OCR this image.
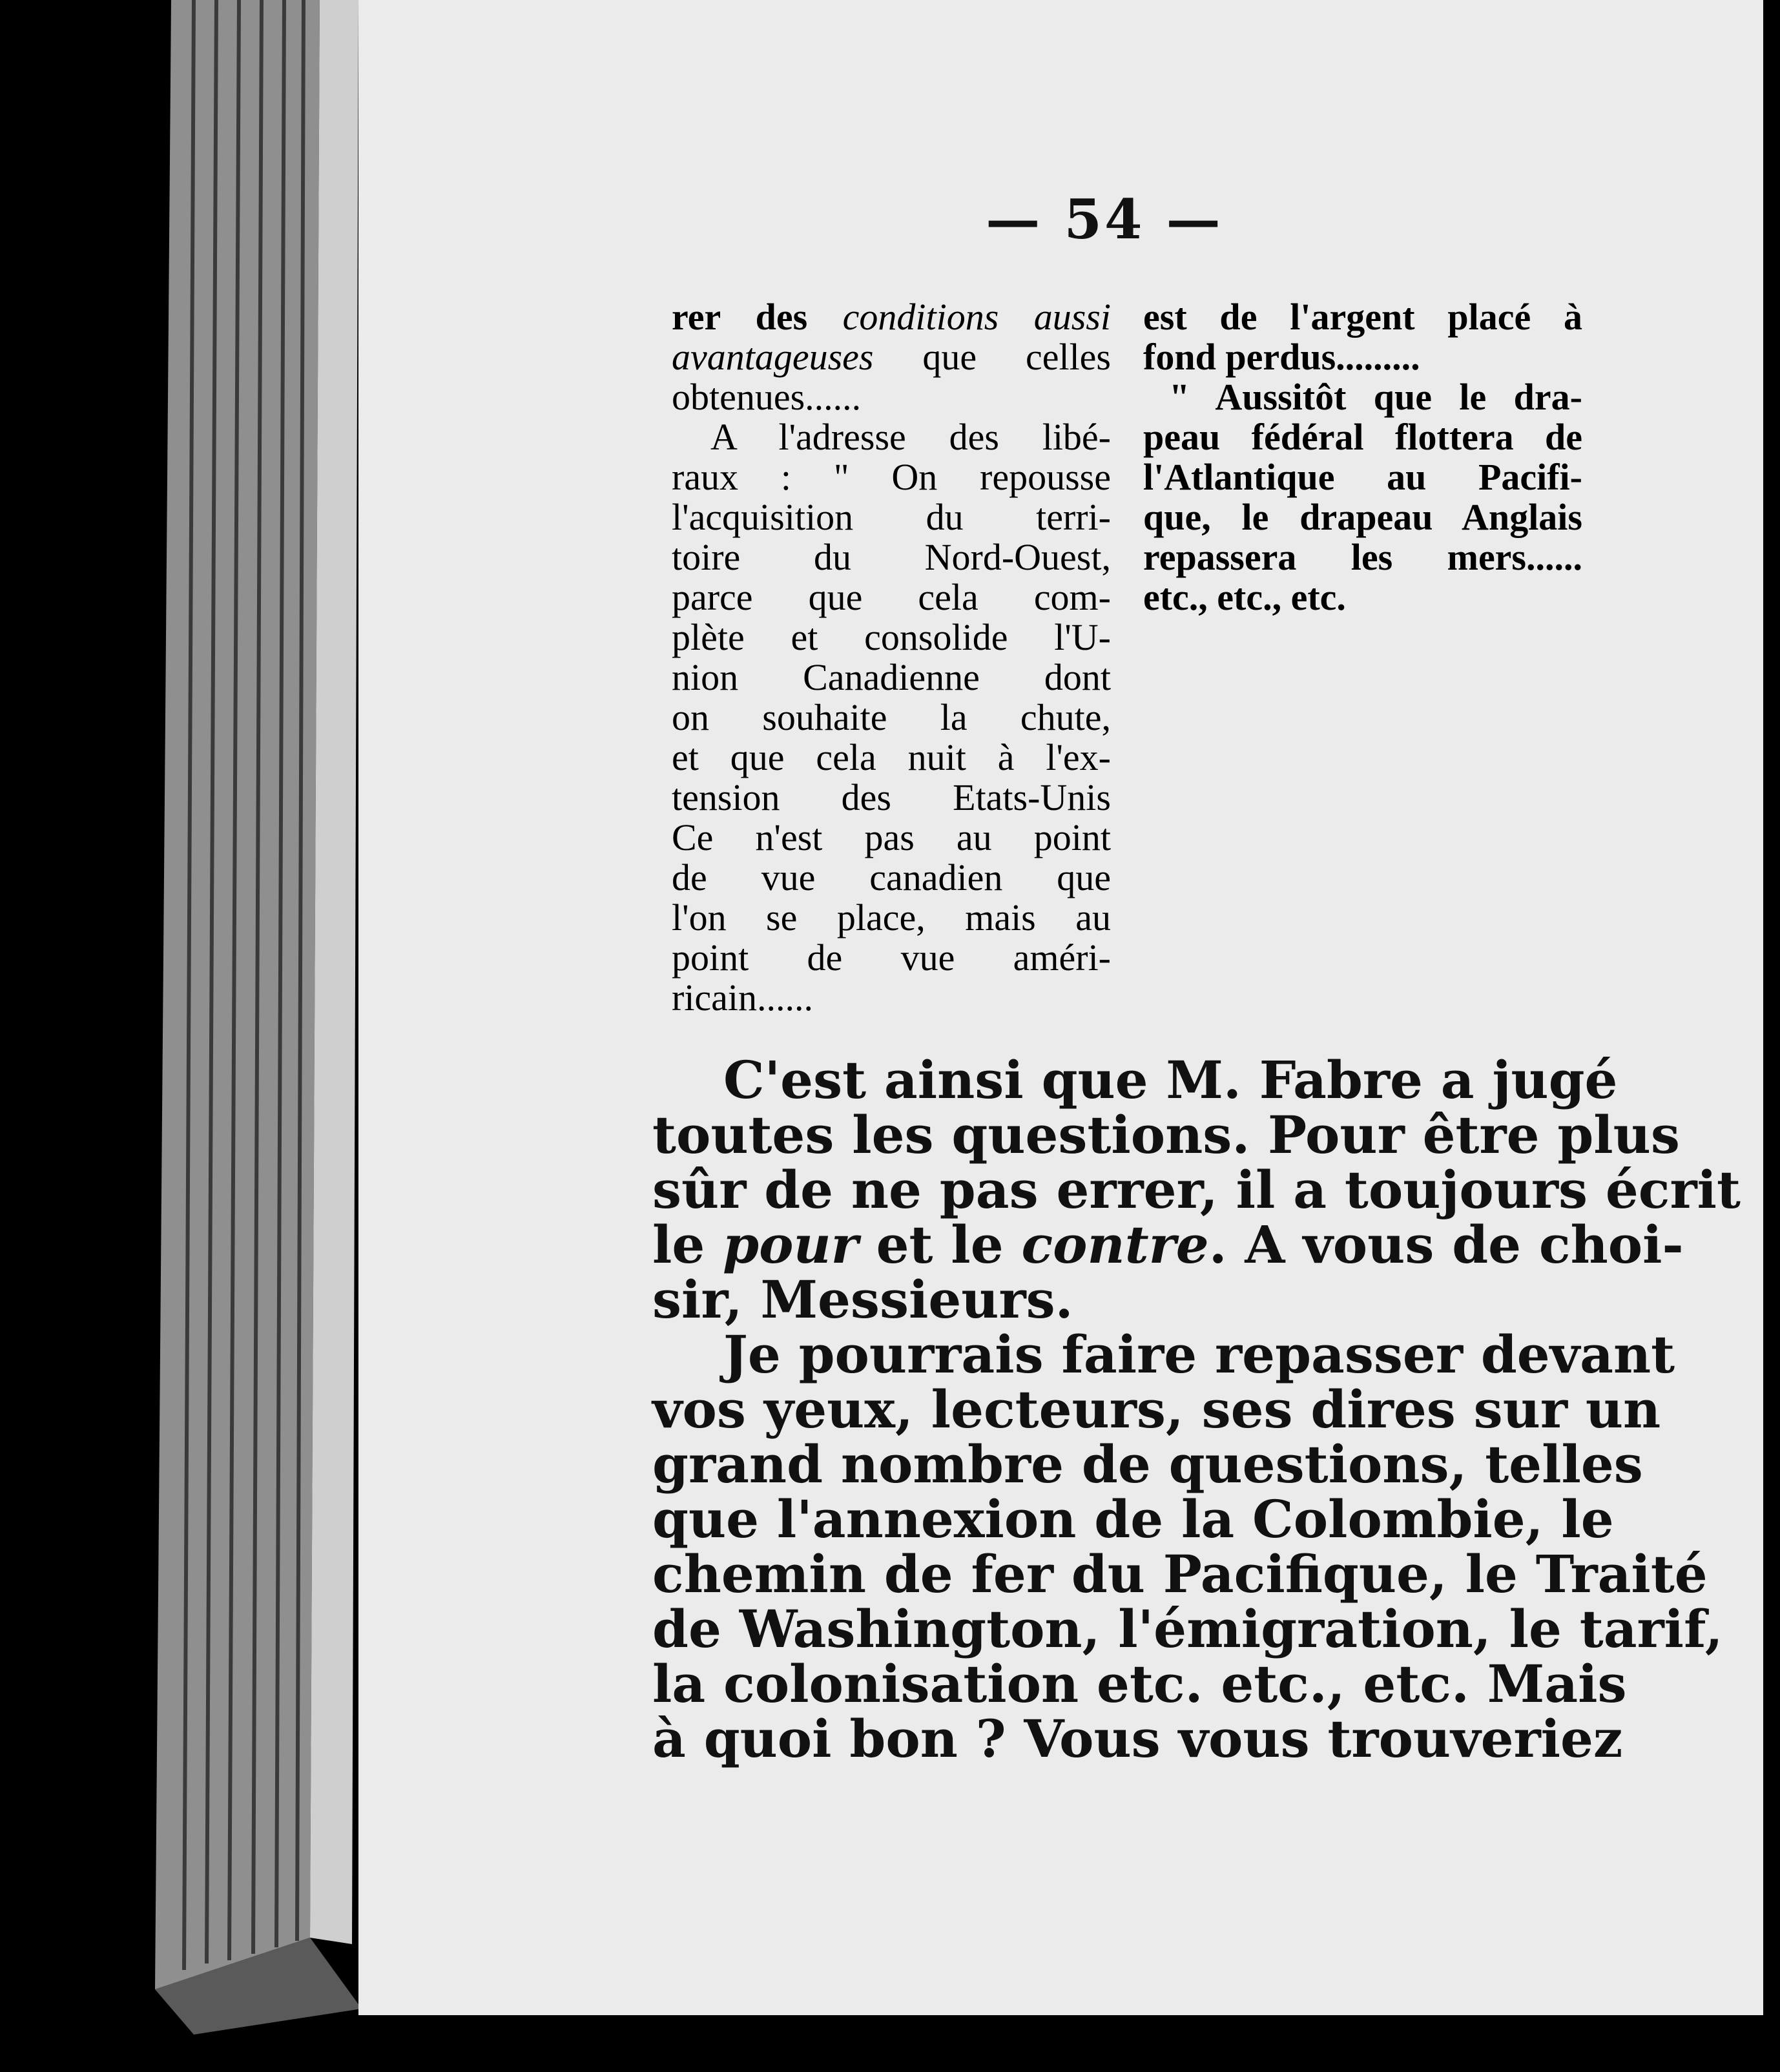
— 54 —
rer des conditions aussi
avantageuses que celles
obtenues......
A l'adresse des libé-
raux : " On repousse
l'acquisition du terri-
toire du Nord-Ouest,
parce que cela com-
plète et consolide l'U-
nion Canadienne dont
on souhaite la chute,
et que cela nuit à l'ex-
tension des Etats-Unis
Ce n'est pas au point
de vue canadien que
l'on se place, mais au
point de vue améri-
ricain......
est de l'argent placé à
fond perdus.........
" Aussitôt que le dra-
peau fédéral flottera de
l'Atlantique au Pacifi-
que, le drapeau Anglais
repassera les mers......
etc., etc., etc.
C'est ainsi que M. Fabre a jugé
toutes les questions. Pour être plus
sûr de ne pas errer, il a toujours écrit
le pour et le contre. A vous de choi-
sir, Messieurs.
Je pourrais faire repasser devant
vos yeux, lecteurs, ses dires sur un
grand nombre de questions, telles
que l'annexion de la Colombie, le
chemin de fer du Pacifique, le Traité
de Washington, l'émigration, le tarif,
la colonisation etc. etc., etc. Mais
à quoi bon ? Vous vous trouveriez
